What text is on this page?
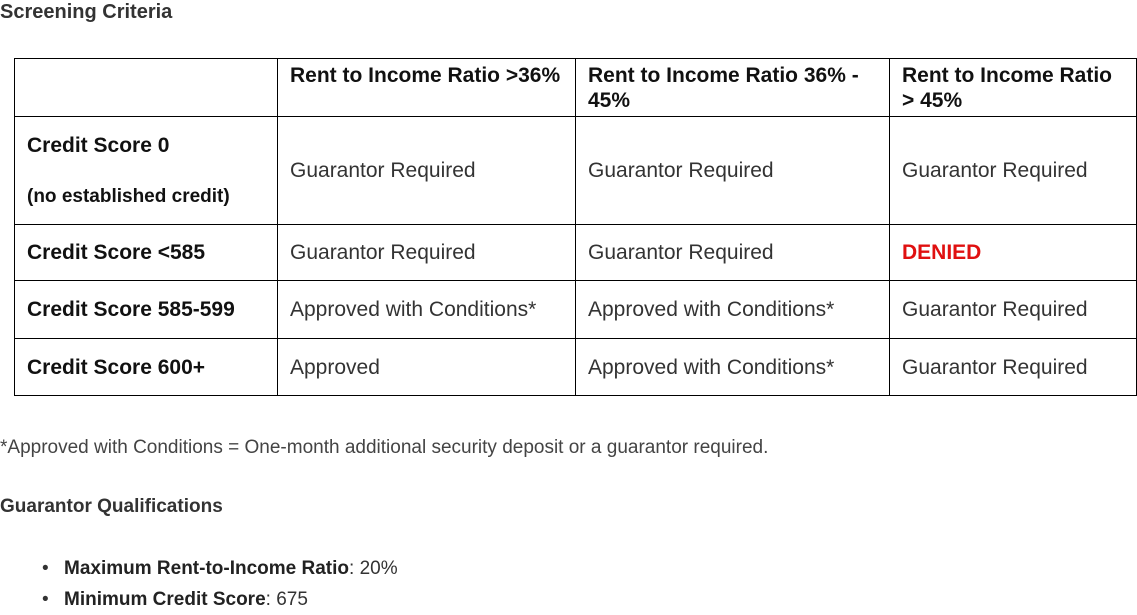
Screening Criteria
	Rent to Income Ratio >36%	Rent to Income Ratio 36% - 45%	Rent to Income Ratio > 45%

Credit Score 0
(no established credit)	Guarantor Required	Guarantor Required	Guarantor Required
Credit Score <585	Guarantor Required	Guarantor Required	DENIED
Credit Score 585-599	Approved with Conditions*	Approved with Conditions*	Guarantor Required
Credit Score 600+	Approved	Approved with Conditions*	Guarantor Required

*Approved with Conditions = One-month additional security deposit or a guarantor required.

Guarantor Qualifications
• Maximum Rent-to-Income Ratio: 20%
• Minimum Credit Score: 675
